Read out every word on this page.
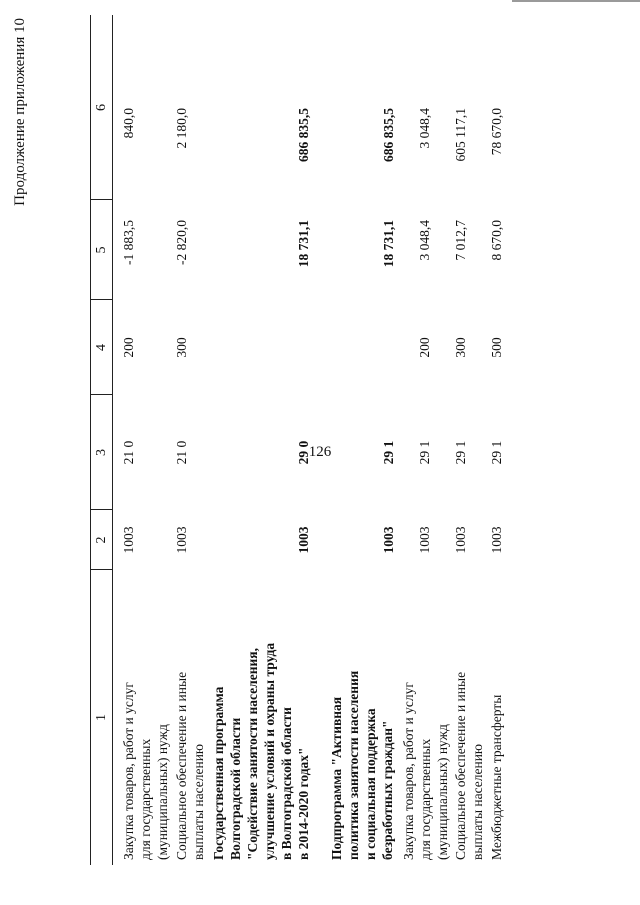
126
Продолжение приложения 10
1
2
3
4
5
6
Закупка товаров, работ и услуг для государственных (муниципальных) нужд
1003
21 0
200
-1 883,5
840,0
Социальное обеспечение и иные выплаты населению
1003
21 0
300
-2 820,0
2 180,0
Государственная программа Волгоградской области "Содействие занятости населения, улучшение условий и охраны труда в Волгоградской области в 2014-2020 годах"
1003
29 0
18 731,1
686 835,5
Подпрограмма "Активная политика занятости населения и социальная поддержка безработных граждан"
1003
29 1
18 731,1
686 835,5
Закупка товаров, работ и услуг для государственных (муниципальных) нужд
1003
29 1
200
3 048,4
3 048,4
Социальное обеспечение и иные выплаты населению
1003
29 1
300
7 012,7
605 117,1
Межбюджетные трансферты
1003
29 1
500
8 670,0
78 670,0
